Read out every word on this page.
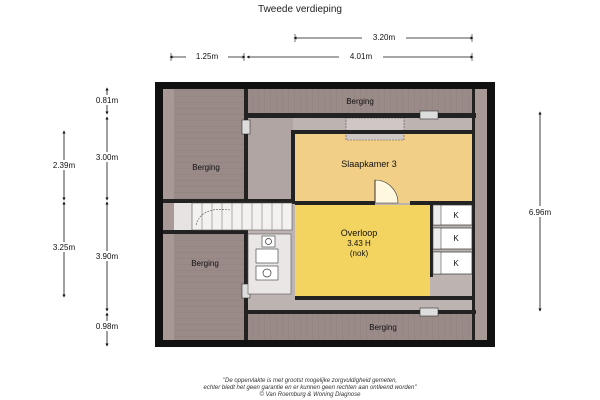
Tweede verdieping
K
K
K
Berging
Berging
Berging
Berging
Slaapkamer 3
Overloop
3.43 H
(nok)
3.20m
1.25m	4.01m
0.81m
3.00m
3.90m
0.98m
2.39m
3.25m
6.96m
"De oppervlakte is met grootst mogelijke zorgvuldigheid gemeten,
echter biedt het geen garantie en er kunnen geen rechten aan ontleend worden"
© Van Roemburg & Woning Diagnose
